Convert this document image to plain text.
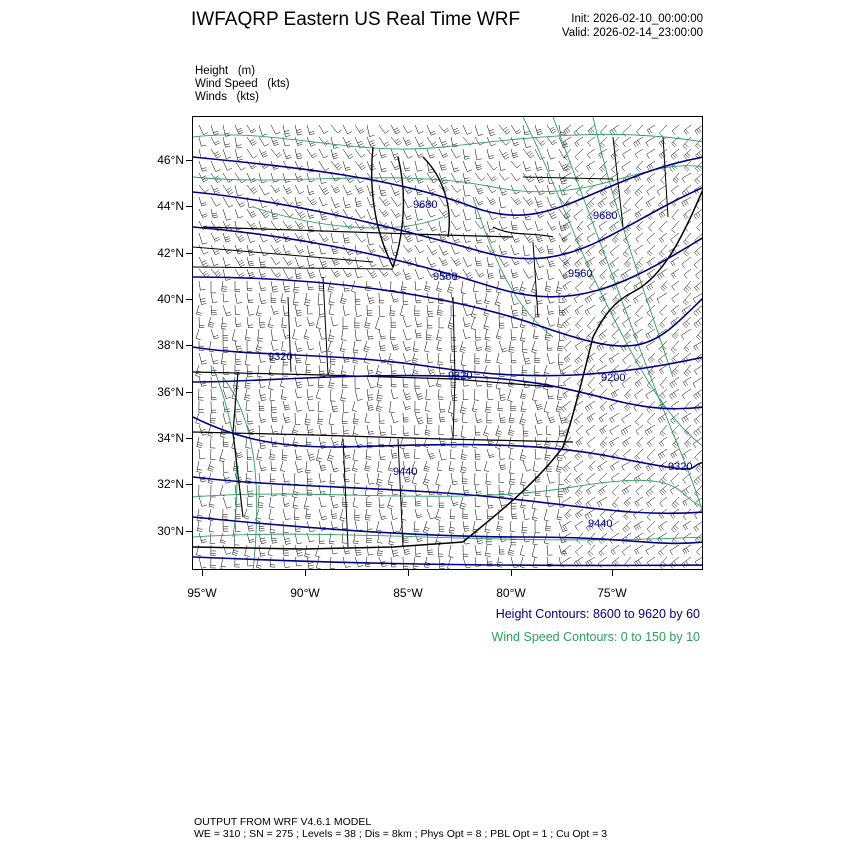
IWFAQRP Eastern US Real Time WRF	Init: 2026-02-10_00:00:00
Valid: 2026-02-14_23:00:00
Height (m)
Wind Speed (kts)
Winds (kts)
9680
9680
9560	9560
9320
9320	9200
9440	9320
9440
46°N
44°N
42°N
40°N
38°N
36°N
34°N
32°N
30°N
95°W	90°W	85°W	80°W	75°W
Height Contours: 8600 to 9620 by 60
Wind Speed Contours: 0 to 150 by 10
OUTPUT FROM WRF V4.6.1 MODEL
WE = 310 ; SN = 275 ; Levels = 38 ; Dis = 8km ; Phys Opt = 8 ; PBL Opt = 1 ; Cu Opt = 3
